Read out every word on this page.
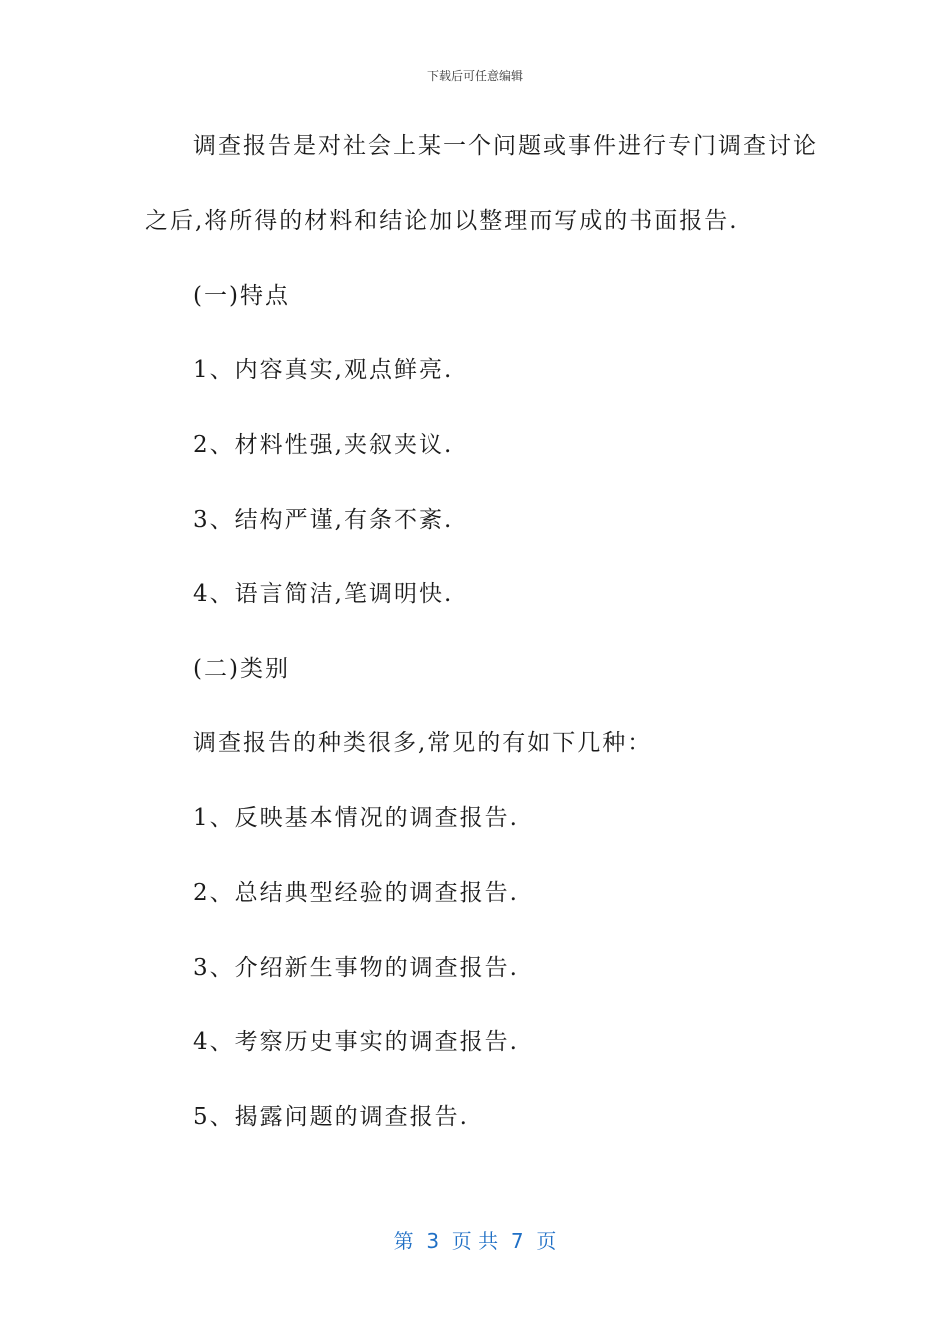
下载后可任意编辑
调查报告是对社会上某一个问题或事件进行专门调查讨论
之后,将所得的材料和结论加以整理而写成的书面报告.
(一)特点
1、内容真实,观点鲜亮.
2、材料性强,夹叙夹议.
3、结构严谨,有条不紊.
4、语言简洁,笔调明快.
(二)类别
调查报告的种类很多,常见的有如下几种：
1、反映基本情况的调查报告.
2、总结典型经验的调查报告.
3、介绍新生事物的调查报告.
4、考察历史事实的调查报告.
5、揭露问题的调查报告.
第  3  页 共  7  页
